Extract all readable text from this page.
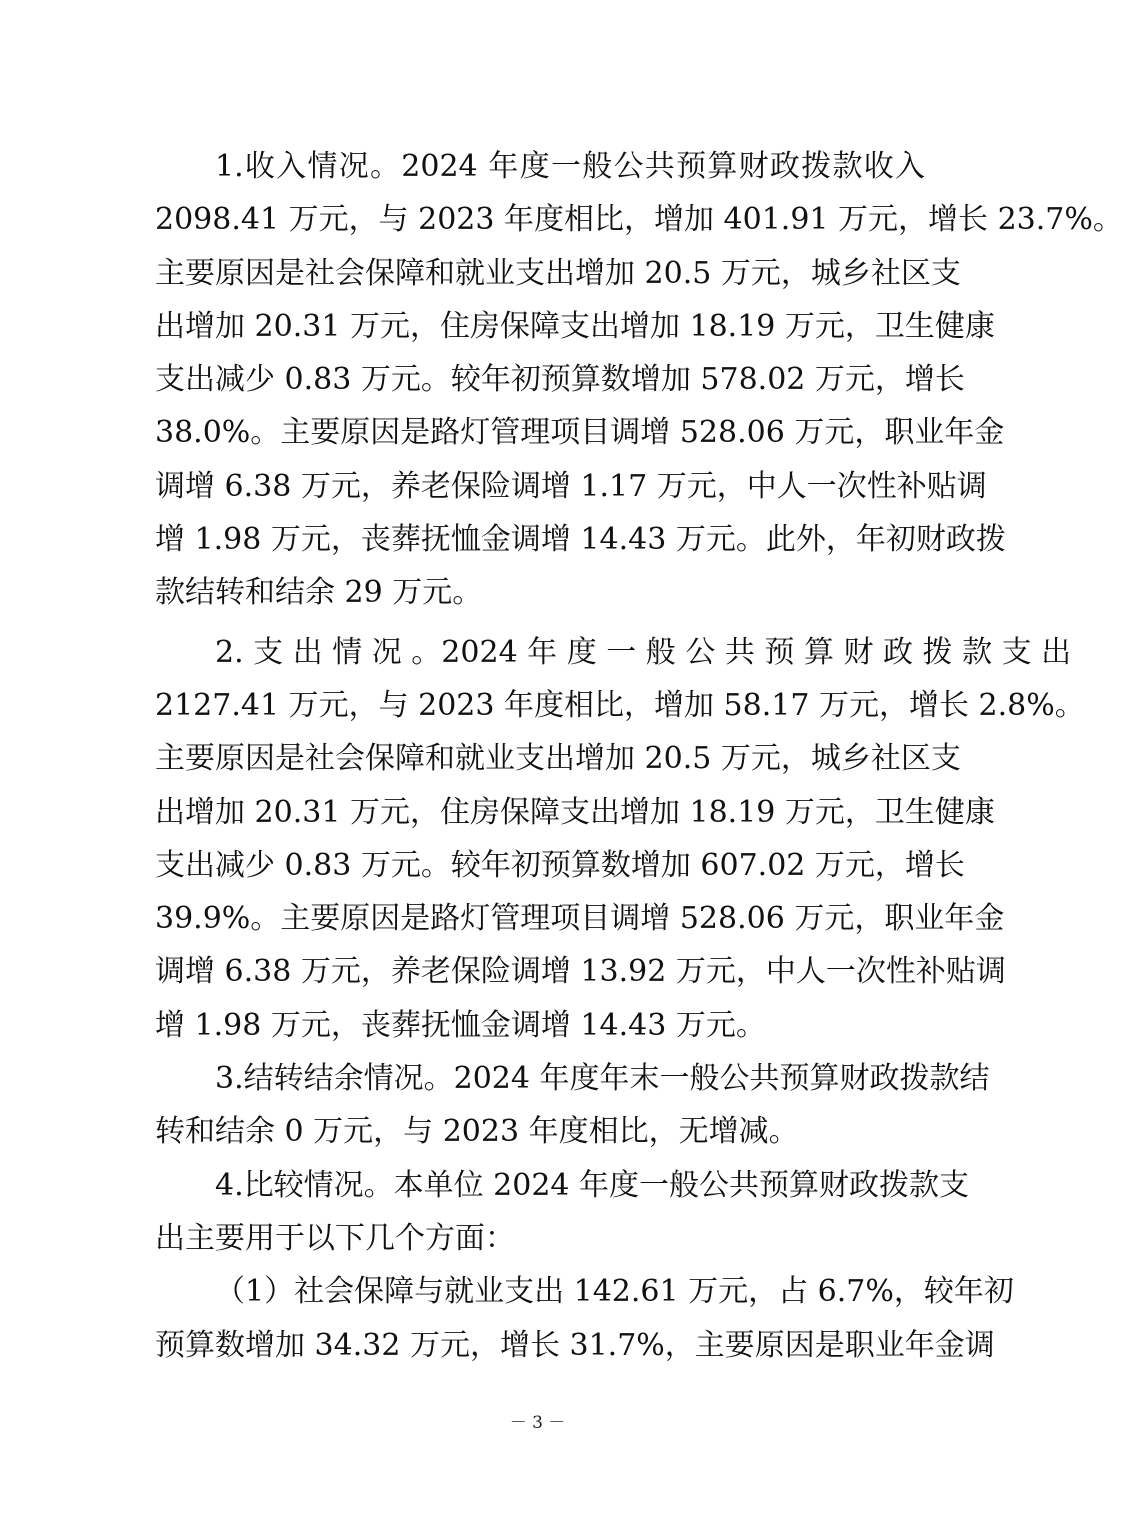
1.收入情况。2024 年度一般公共预算财政拨款收入
2098.41 万元，与 2023 年度相比，增加 401.91 万元，增长 23.7%。
主要原因是社会保障和就业支出增加 20.5 万元，城乡社区支
出增加 20.31 万元，住房保障支出增加 18.19 万元，卫生健康
支出减少 0.83 万元。较年初预算数增加 578.02 万元，增长
38.0%。主要原因是路灯管理项目调增 528.06 万元，职业年金
调增 6.38 万元，养老保险调增 1.17 万元，中人一次性补贴调
增 1.98 万元，丧葬抚恤金调增 14.43 万元。此外，年初财政拨
款结转和结余 29 万元。
2. 支 出 情 况 。2024 年 度 一 般 公 共 预 算 财 政 拨 款 支 出
2127.41 万元，与 2023 年度相比，增加 58.17 万元，增长 2.8%。
主要原因是社会保障和就业支出增加 20.5 万元，城乡社区支
出增加 20.31 万元，住房保障支出增加 18.19 万元，卫生健康
支出减少 0.83 万元。较年初预算数增加 607.02 万元，增长
39.9%。主要原因是路灯管理项目调增 528.06 万元，职业年金
调增 6.38 万元，养老保险调增 13.92 万元，中人一次性补贴调
增 1.98 万元，丧葬抚恤金调增 14.43 万元。
3.结转结余情况。2024 年度年末一般公共预算财政拨款结
转和结余 0 万元，与 2023 年度相比，无增减。
4.比较情况。本单位 2024 年度一般公共预算财政拨款支
出主要用于以下几个方面：
（1）社会保障与就业支出 142.61 万元，占 6.7%，较年初
预算数增加 34.32 万元，增长 31.7%，主要原因是职业年金调
－ 3 －
